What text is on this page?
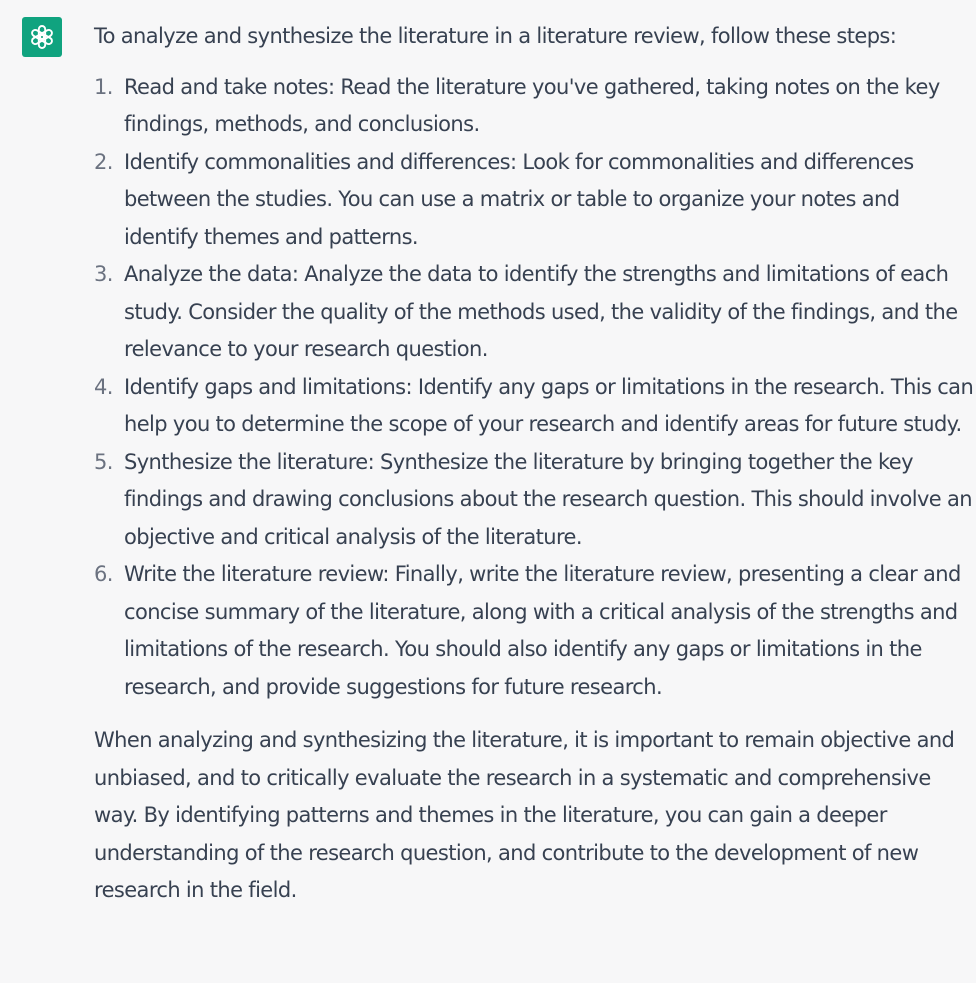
To analyze and synthesize the literature in a literature review, follow these steps:

1. Read and take notes: Read the literature you've gathered, taking notes on the key findings, methods, and conclusions.
2. Identify commonalities and differences: Look for commonalities and differences between the studies. You can use a matrix or table to organize your notes and identify themes and patterns.
3. Analyze the data: Analyze the data to identify the strengths and limitations of each study. Consider the quality of the methods used, the validity of the findings, and the relevance to your research question.
4. Identify gaps and limitations: Identify any gaps or limitations in the research. This can help you to determine the scope of your research and identify areas for future study.
5. Synthesize the literature: Synthesize the literature by bringing together the key findings and drawing conclusions about the research question. This should involve an objective and critical analysis of the literature.
6. Write the literature review: Finally, write the literature review, presenting a clear and concise summary of the literature, along with a critical analysis of the strengths and limitations of the research. You should also identify any gaps or limitations in the research, and provide suggestions for future research.

When analyzing and synthesizing the literature, it is important to remain objective and unbiased, and to critically evaluate the research in a systematic and comprehensive way. By identifying patterns and themes in the literature, you can gain a deeper understanding of the research question, and contribute to the development of new research in the field.
